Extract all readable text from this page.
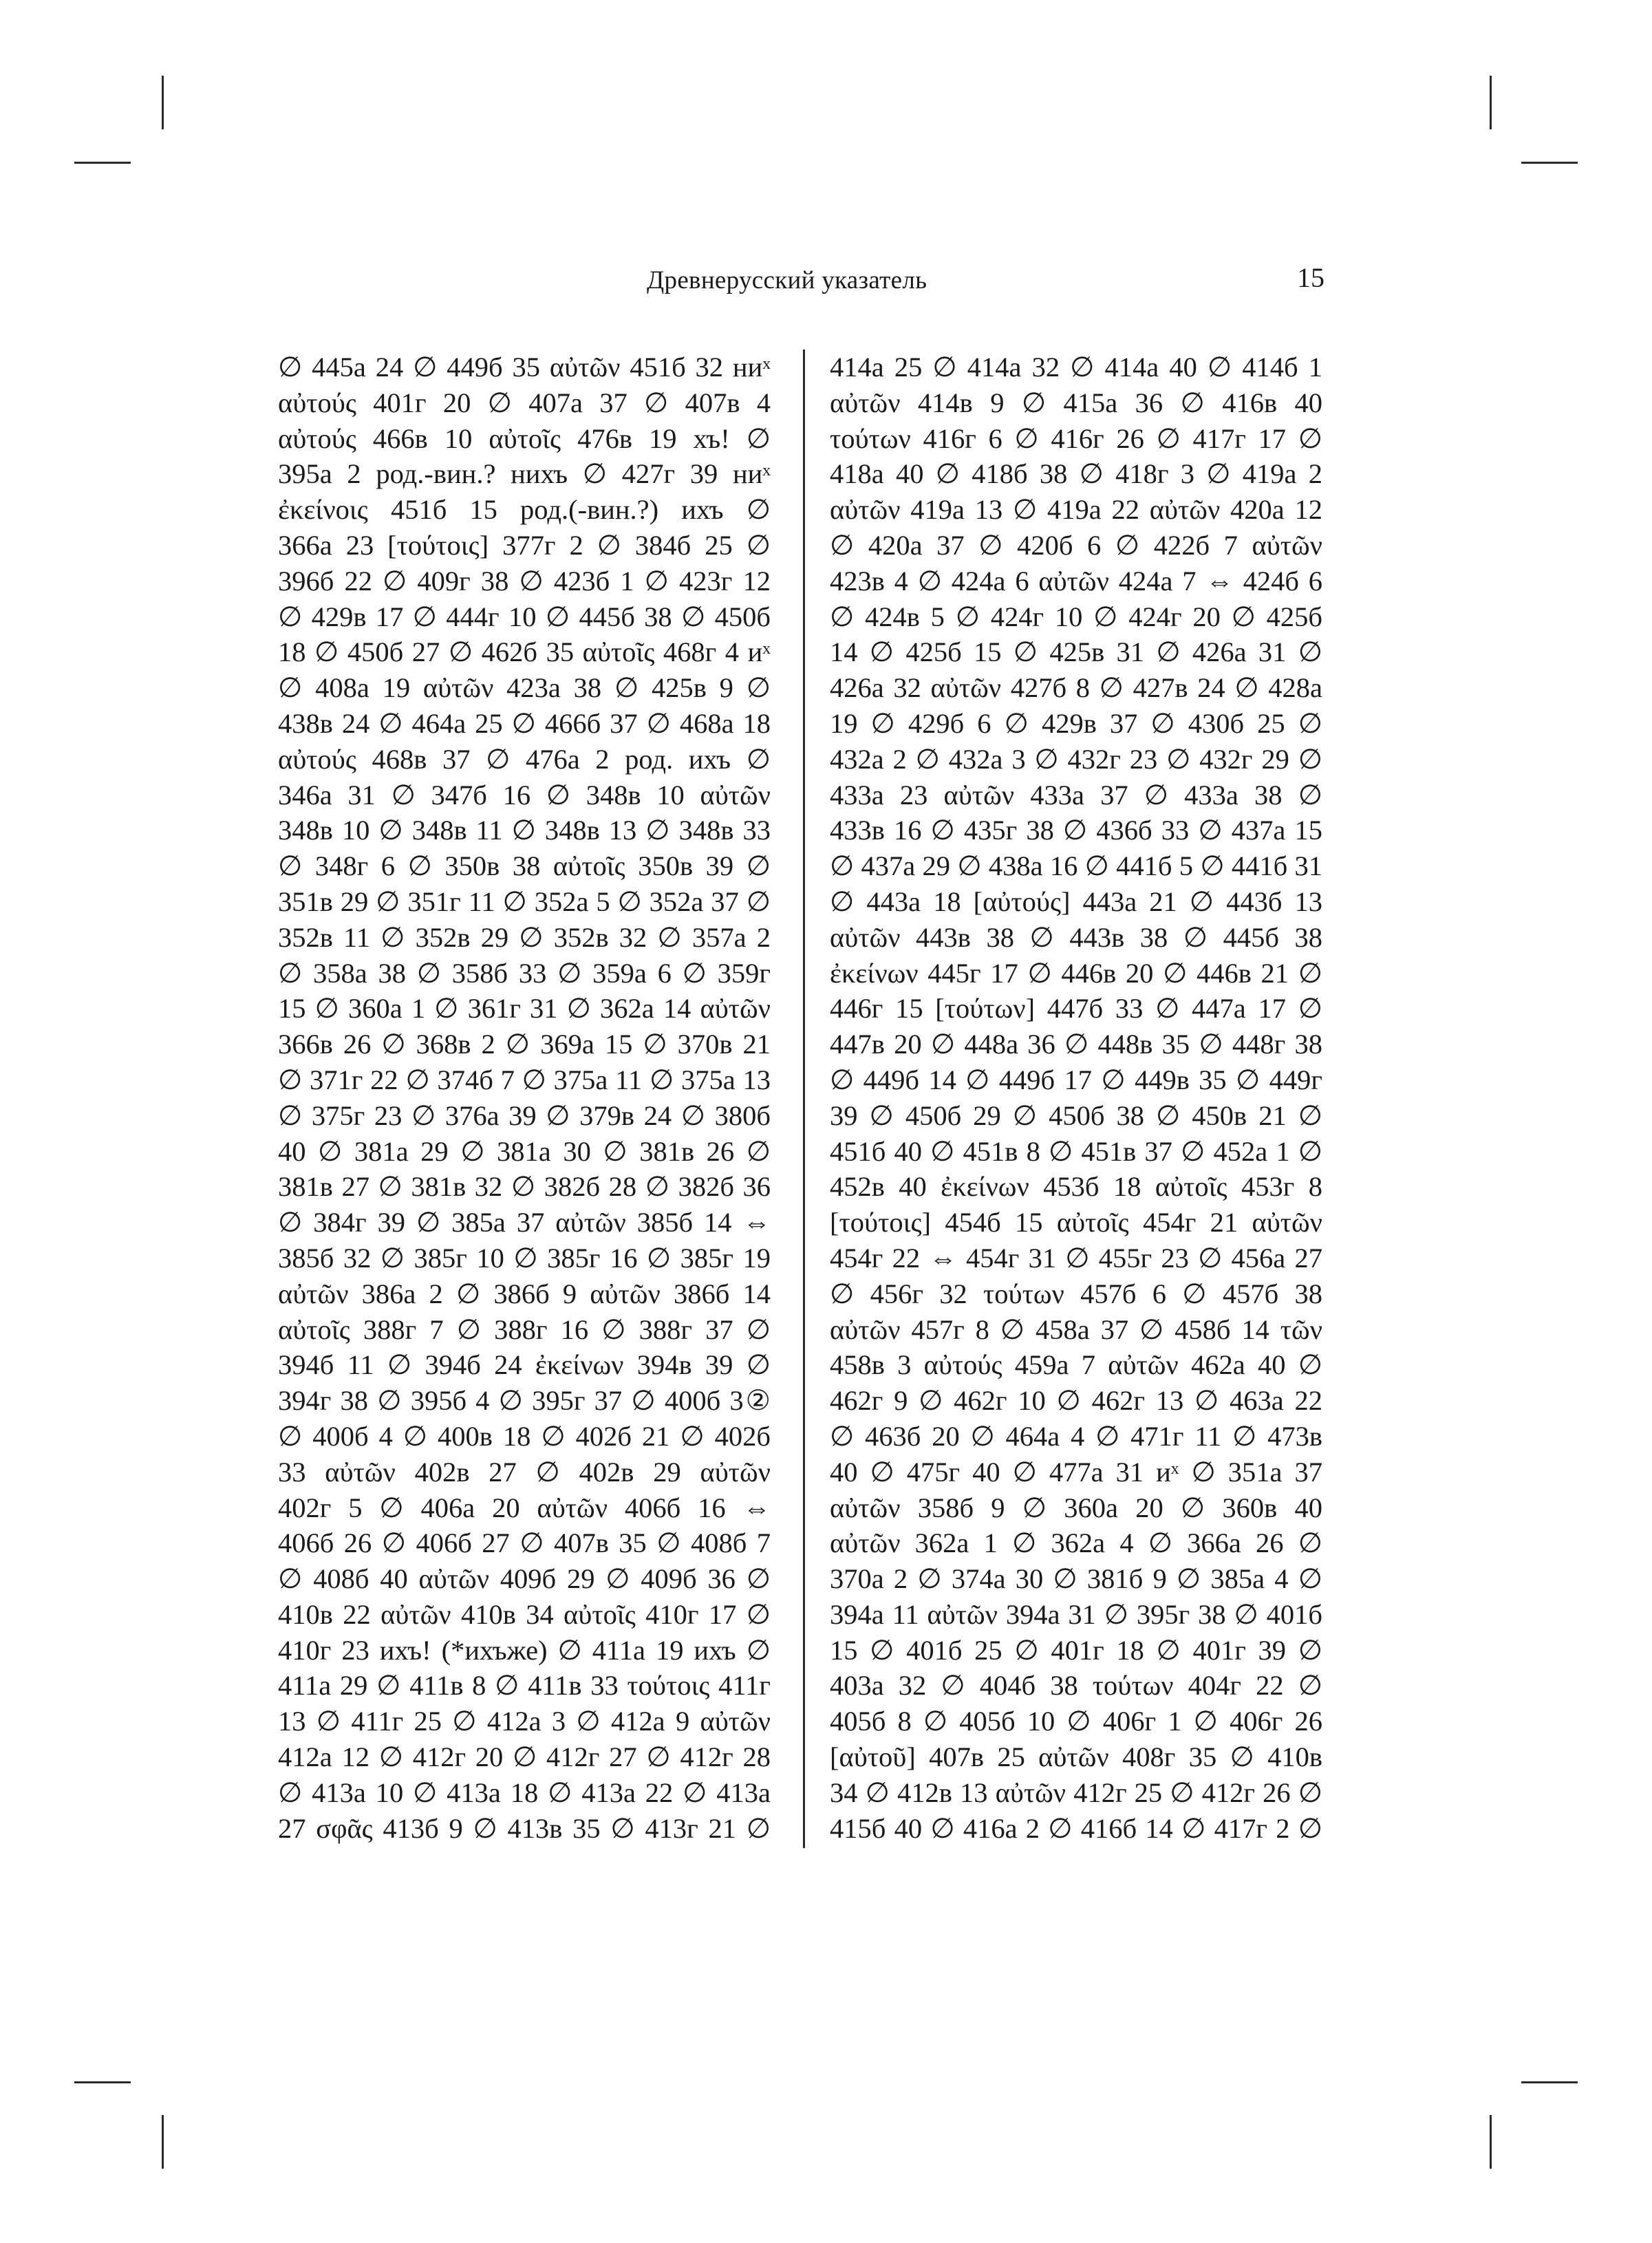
Древнерусский указатель	15
∅ 445а 24 ∅ 449б 35 αὐτῶν 451б 32 ниˣ
αὐτούς 401г 20 ∅ 407а 37 ∅ 407в 4
αὐτούς 466в 10 αὐτοῖς 476в 19 хъ! ∅
395а 2 род.-вин.? нихъ ∅ 427г 39 ниˣ
ἐκείνοις 451б 15 род.(-вин.?) ихъ ∅
366а 23 [τούτοις] 377г 2 ∅ 384б 25 ∅
396б 22 ∅ 409г 38 ∅ 423б 1 ∅ 423г 12
∅ 429в 17 ∅ 444г 10 ∅ 445б 38 ∅ 450б
18 ∅ 450б 27 ∅ 462б 35 αὐτοῖς 468г 4 иˣ
∅ 408а 19 αὐτῶν 423а 38 ∅ 425в 9 ∅
438в 24 ∅ 464а 25 ∅ 466б 37 ∅ 468а 18
αὐτούς 468в 37 ∅ 476а 2 род. ихъ ∅
346а 31 ∅ 347б 16 ∅ 348в 10 αὐτῶν
348в 10 ∅ 348в 11 ∅ 348в 13 ∅ 348в 33
∅ 348г 6 ∅ 350в 38 αὐτοῖς 350в 39 ∅
351в 29 ∅ 351г 11 ∅ 352а 5 ∅ 352а 37 ∅
352в 11 ∅ 352в 29 ∅ 352в 32 ∅ 357а 2
∅ 358а 38 ∅ 358б 33 ∅ 359а 6 ∅ 359г
15 ∅ 360а 1 ∅ 361г 31 ∅ 362а 14 αὐτῶν
366в 26 ∅ 368в 2 ∅ 369а 15 ∅ 370в 21
∅ 371г 22 ∅ 374б 7 ∅ 375а 11 ∅ 375а 13
∅ 375г 23 ∅ 376а 39 ∅ 379в 24 ∅ 380б
40 ∅ 381а 29 ∅ 381а 30 ∅ 381в 26 ∅
381в 27 ∅ 381в 32 ∅ 382б 28 ∅ 382б 36
∅ 384г 39 ∅ 385а 37 αὐτῶν 385б 14 ⇔
385б 32 ∅ 385г 10 ∅ 385г 16 ∅ 385г 19
αὐτῶν 386а 2 ∅ 386б 9 αὐτῶν 386б 14
αὐτοῖς 388г 7 ∅ 388г 16 ∅ 388г 37 ∅
394б 11 ∅ 394б 24 ἐκείνων 394в 39 ∅
394г 38 ∅ 395б 4 ∅ 395г 37 ∅ 400б 3②
∅ 400б 4 ∅ 400в 18 ∅ 402б 21 ∅ 402б
33 αὐτῶν 402в 27 ∅ 402в 29 αὐτῶν
402г 5 ∅ 406а 20 αὐτῶν 406б 16 ⇔
406б 26 ∅ 406б 27 ∅ 407в 35 ∅ 408б 7
∅ 408б 40 αὐτῶν 409б 29 ∅ 409б 36 ∅
410в 22 αὐτῶν 410в 34 αὐτοῖς 410г 17 ∅
410г 23 ихъ! (*ихъже) ∅ 411а 19 ихъ ∅
411а 29 ∅ 411в 8 ∅ 411в 33 τούτοις 411г
13 ∅ 411г 25 ∅ 412а 3 ∅ 412а 9 αὐτῶν
412а 12 ∅ 412г 20 ∅ 412г 27 ∅ 412г 28
∅ 413а 10 ∅ 413а 18 ∅ 413а 22 ∅ 413а
27 σφᾶς 413б 9 ∅ 413в 35 ∅ 413г 21 ∅
414а 25 ∅ 414а 32 ∅ 414а 40 ∅ 414б 1
αὐτῶν 414в 9 ∅ 415а 36 ∅ 416в 40
τούτων 416г 6 ∅ 416г 26 ∅ 417г 17 ∅
418а 40 ∅ 418б 38 ∅ 418г 3 ∅ 419а 2
αὐτῶν 419а 13 ∅ 419а 22 αὐτῶν 420а 12
∅ 420а 37 ∅ 420б 6 ∅ 422б 7 αὐτῶν
423в 4 ∅ 424а 6 αὐτῶν 424а 7 ⇔ 424б 6
∅ 424в 5 ∅ 424г 10 ∅ 424г 20 ∅ 425б
14 ∅ 425б 15 ∅ 425в 31 ∅ 426а 31 ∅
426а 32 αὐτῶν 427б 8 ∅ 427в 24 ∅ 428а
19 ∅ 429б 6 ∅ 429в 37 ∅ 430б 25 ∅
432а 2 ∅ 432а 3 ∅ 432г 23 ∅ 432г 29 ∅
433а 23 αὐτῶν 433а 37 ∅ 433а 38 ∅
433в 16 ∅ 435г 38 ∅ 436б 33 ∅ 437а 15
∅ 437а 29 ∅ 438а 16 ∅ 441б 5 ∅ 441б 31
∅ 443а 18 [αὐτούς] 443а 21 ∅ 443б 13
αὐτῶν 443в 38 ∅ 443в 38 ∅ 445б 38
ἐκείνων 445г 17 ∅ 446в 20 ∅ 446в 21 ∅
446г 15 [τούτων] 447б 33 ∅ 447а 17 ∅
447в 20 ∅ 448а 36 ∅ 448в 35 ∅ 448г 38
∅ 449б 14 ∅ 449б 17 ∅ 449в 35 ∅ 449г
39 ∅ 450б 29 ∅ 450б 38 ∅ 450в 21 ∅
451б 40 ∅ 451в 8 ∅ 451в 37 ∅ 452а 1 ∅
452в 40 ἐκείνων 453б 18 αὐτοῖς 453г 8
[τούτοις] 454б 15 αὐτοῖς 454г 21 αὐτῶν
454г 22 ⇔ 454г 31 ∅ 455г 23 ∅ 456а 27
∅ 456г 32 τούτων 457б 6 ∅ 457б 38
αὐτῶν 457г 8 ∅ 458а 37 ∅ 458б 14 τῶν
458в 3 αὐτούς 459а 7 αὐτῶν 462а 40 ∅
462г 9 ∅ 462г 10 ∅ 462г 13 ∅ 463а 22
∅ 463б 20 ∅ 464а 4 ∅ 471г 11 ∅ 473в
40 ∅ 475г 40 ∅ 477а 31 иˣ ∅ 351а 37
αὐτῶν 358б 9 ∅ 360а 20 ∅ 360в 40
αὐτῶν 362а 1 ∅ 362а 4 ∅ 366а 26 ∅
370а 2 ∅ 374а 30 ∅ 381б 9 ∅ 385а 4 ∅
394а 11 αὐτῶν 394а 31 ∅ 395г 38 ∅ 401б
15 ∅ 401б 25 ∅ 401г 18 ∅ 401г 39 ∅
403а 32 ∅ 404б 38 τούτων 404г 22 ∅
405б 8 ∅ 405б 10 ∅ 406г 1 ∅ 406г 26
[αὐτοῦ] 407в 25 αὐτῶν 408г 35 ∅ 410в
34 ∅ 412в 13 αὐτῶν 412г 25 ∅ 412г 26 ∅
415б 40 ∅ 416а 2 ∅ 416б 14 ∅ 417г 2 ∅
